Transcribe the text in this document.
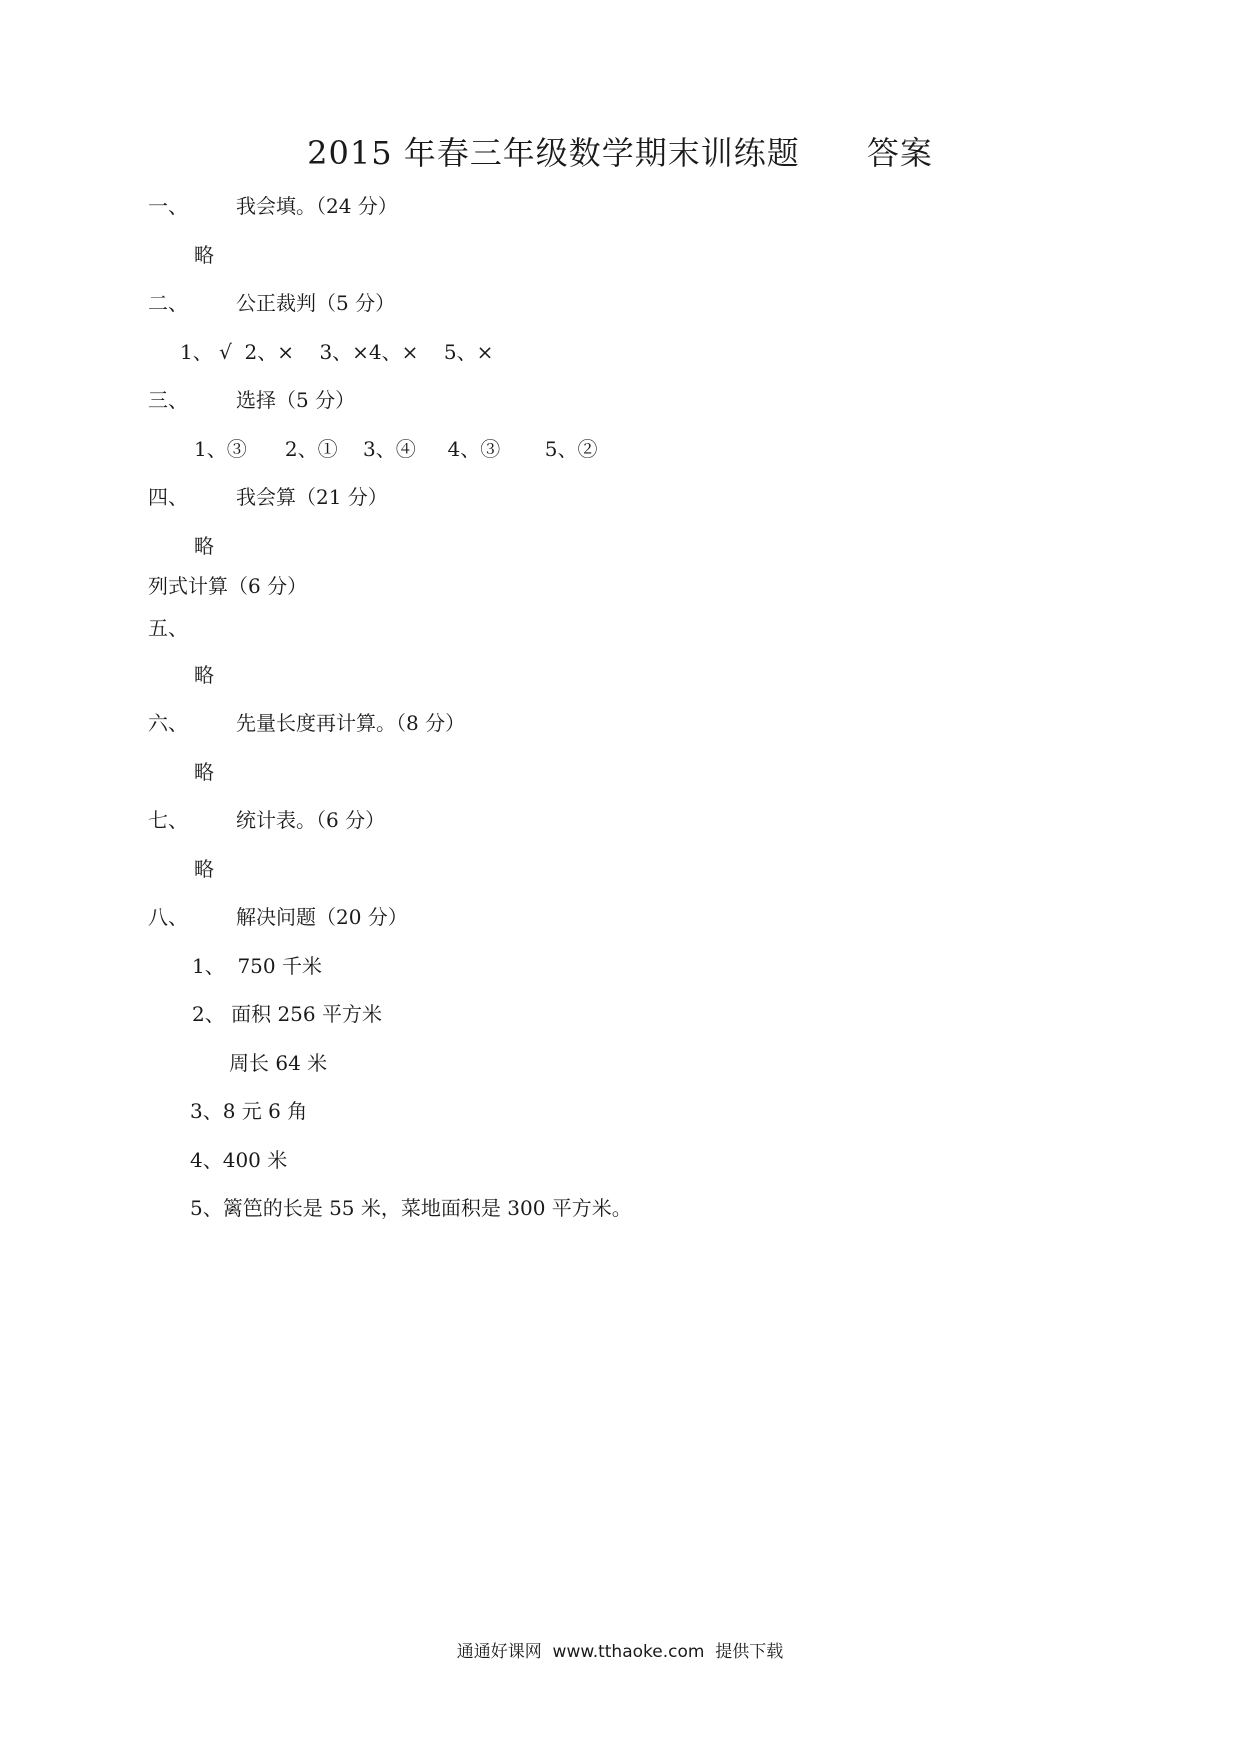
2015 年春三年级数学期末训练题      答案
一、 我会填。（24 分）
略
二、 公正裁判（5 分）
1、 √  2、×    3、×4、×    5、×
三、 选择（5 分）
1、③      2、①    3、④     4、③       5、②
四、 我会算（21 分）
略
列式计算（6 分）
五、
略
六、 先量长度再计算。（8 分）
略
七、 统计表。（6 分）
略
八、 解决问题（20 分）
1、  750 千米
2、 面积 256 平方米
周长 64 米
3、8 元 6 角
4、400 米
5、篱笆的长是 55 米，菜地面积是 300 平方米。
通通好课网  www.tthaoke.com  提供下载
